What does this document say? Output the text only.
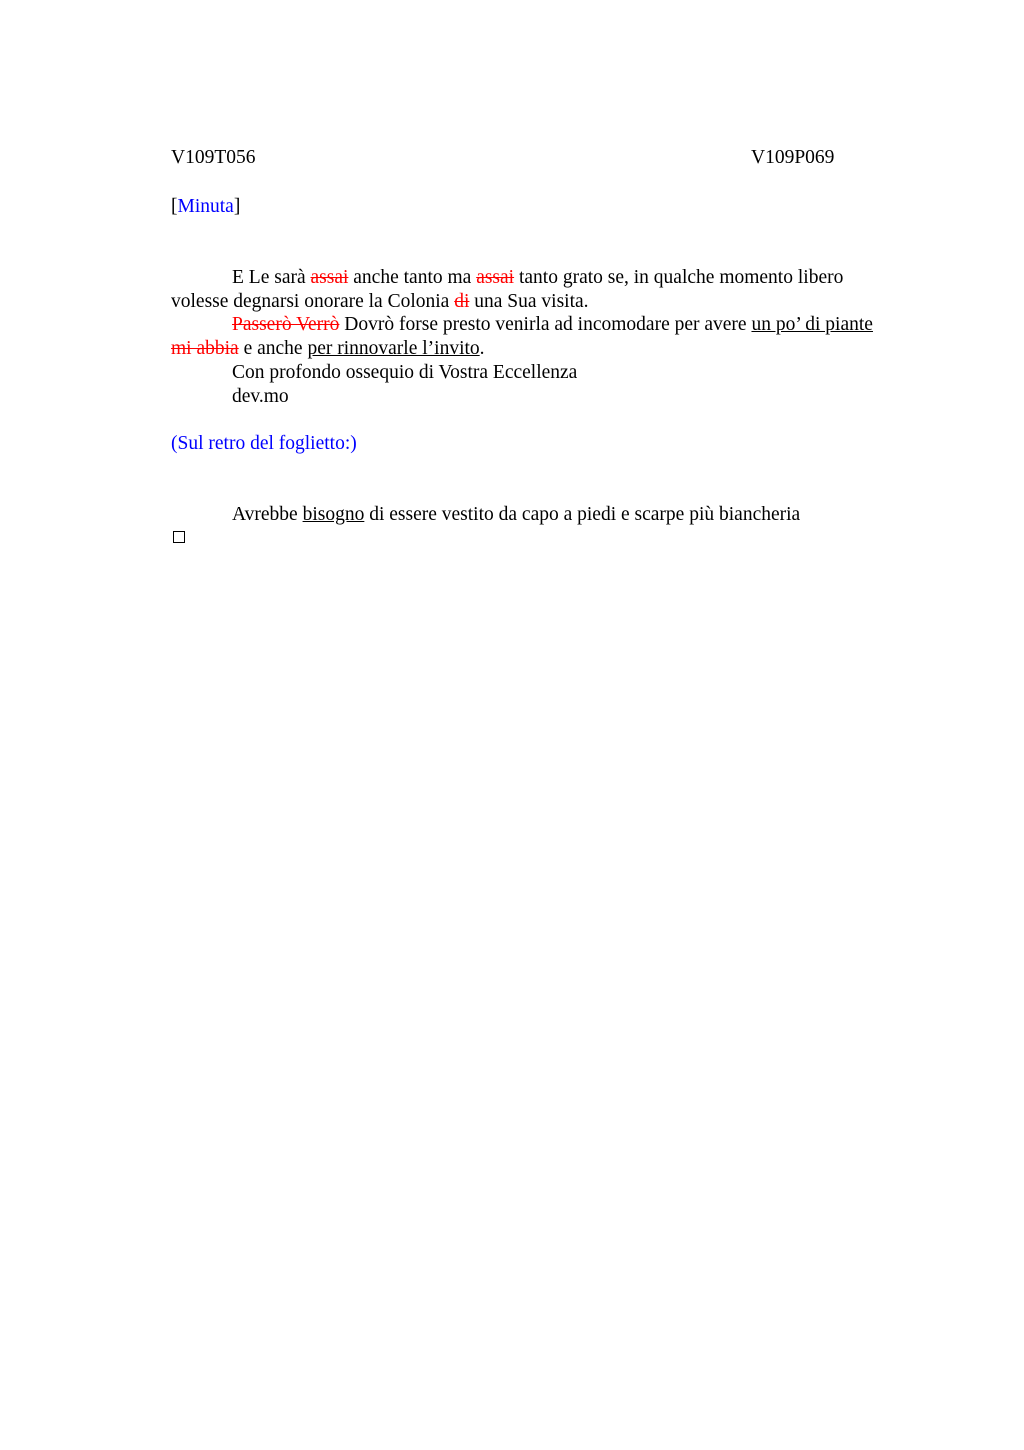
V109T056	V109P069
[Minuta]
E Le sarà assai anche tanto ma assai tanto grato se, in qualche momento libero
volesse degnarsi onorare la Colonia di una Sua visita.
Passerò Verrò Dovrò forse presto venirla ad incomodare per avere un po’ di piante
mi abbia e anche per rinnovarle l’invito.
Con profondo ossequio di Vostra Eccellenza
dev.mo
(Sul retro del foglietto:)
Avrebbe bisogno di essere vestito da capo a piedi e scarpe più biancheria
